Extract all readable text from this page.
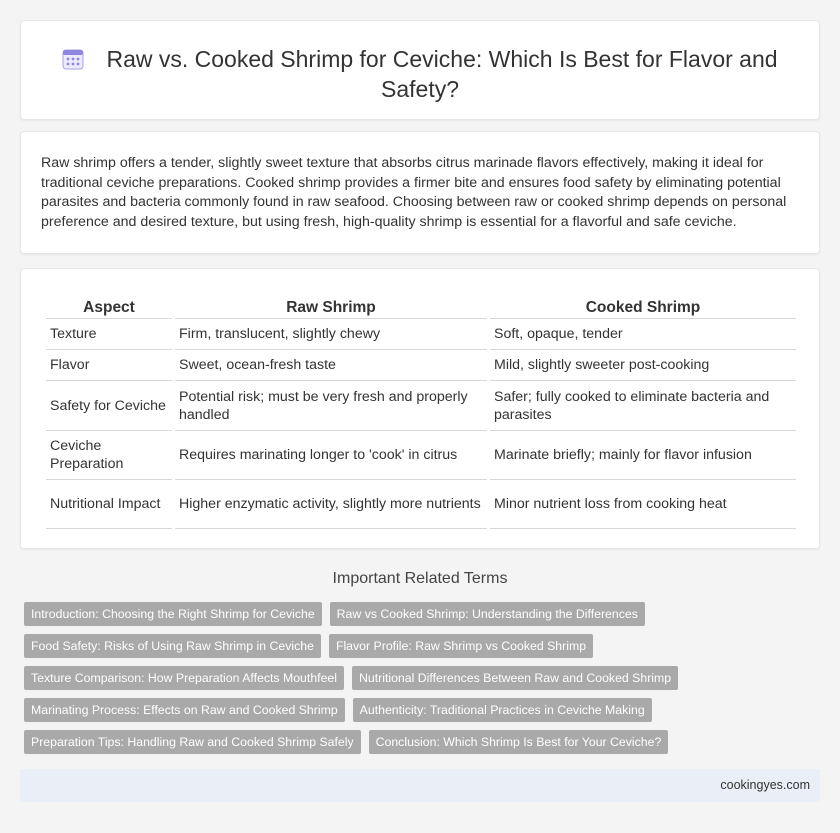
Raw vs. Cooked Shrimp for Ceviche: Which Is Best for Flavor and Safety?

Raw shrimp offers a tender, slightly sweet texture that absorbs citrus marinade flavors effectively, making it ideal for traditional ceviche preparations. Cooked shrimp provides a firmer bite and ensures food safety by eliminating potential parasites and bacteria commonly found in raw seafood. Choosing between raw or cooked shrimp depends on personal preference and desired texture, but using fresh, high-quality shrimp is essential for a flavorful and safe ceviche.

Aspect	Raw Shrimp	Cooked Shrimp
Texture	Firm, translucent, slightly chewy	Soft, opaque, tender
Flavor	Sweet, ocean-fresh taste	Mild, slightly sweeter post-cooking
Safety for Ceviche	Potential risk; must be very fresh and properly handled	Safer; fully cooked to eliminate bacteria and parasites
Ceviche Preparation	Requires marinating longer to 'cook' in citrus	Marinate briefly; mainly for flavor infusion
Nutritional Impact	Higher enzymatic activity, slightly more nutrients	Minor nutrient loss from cooking heat
Important Related Terms
Introduction: Choosing the Right Shrimp for Ceviche	Raw vs Cooked Shrimp: Understanding the Differences
Food Safety: Risks of Using Raw Shrimp in Ceviche	Flavor Profile: Raw Shrimp vs Cooked Shrimp
Texture Comparison: How Preparation Affects Mouthfeel	Nutritional Differences Between Raw and Cooked Shrimp
Marinating Process: Effects on Raw and Cooked Shrimp	Authenticity: Traditional Practices in Ceviche Making
Preparation Tips: Handling Raw and Cooked Shrimp Safely	Conclusion: Which Shrimp Is Best for Your Ceviche?
cookingyes.com
